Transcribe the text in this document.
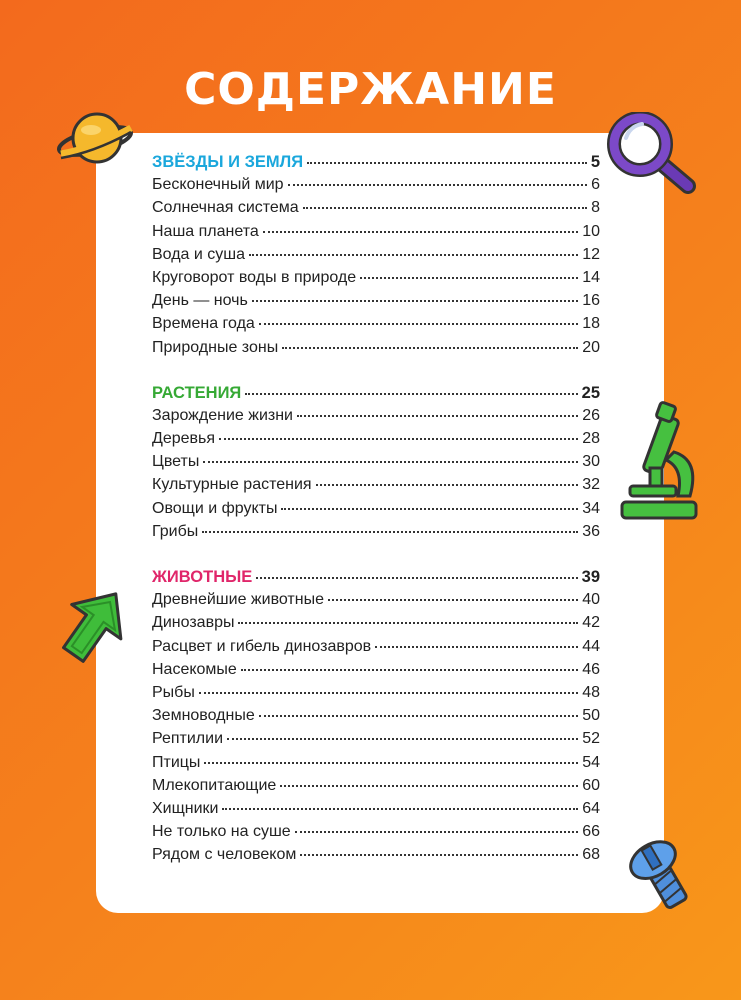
СОДЕРЖАНИЕ
ЗВЁЗДЫ И ЗЕМЛЯ	5
Бесконечный мир	6
Солнечная система	8
Наша планета	10
Вода и суша	12
Круговорот воды в природе	14
День — ночь	16
Времена года	18
Природные зоны	20
РАСТЕНИЯ	25
Зарождение жизни	26
Деревья	28
Цветы	30
Культурные растения	32
Овощи и фрукты	34
Грибы	36
ЖИВОТНЫЕ	39
Древнейшие животные	40
Динозавры	42
Расцвет и гибель динозавров	44
Насекомые	46
Рыбы	48
Земноводные	50
Рептилии	52
Птицы	54
Млекопитающие	60
Хищники	64
Не только на суше	66
Рядом с человеком	68
